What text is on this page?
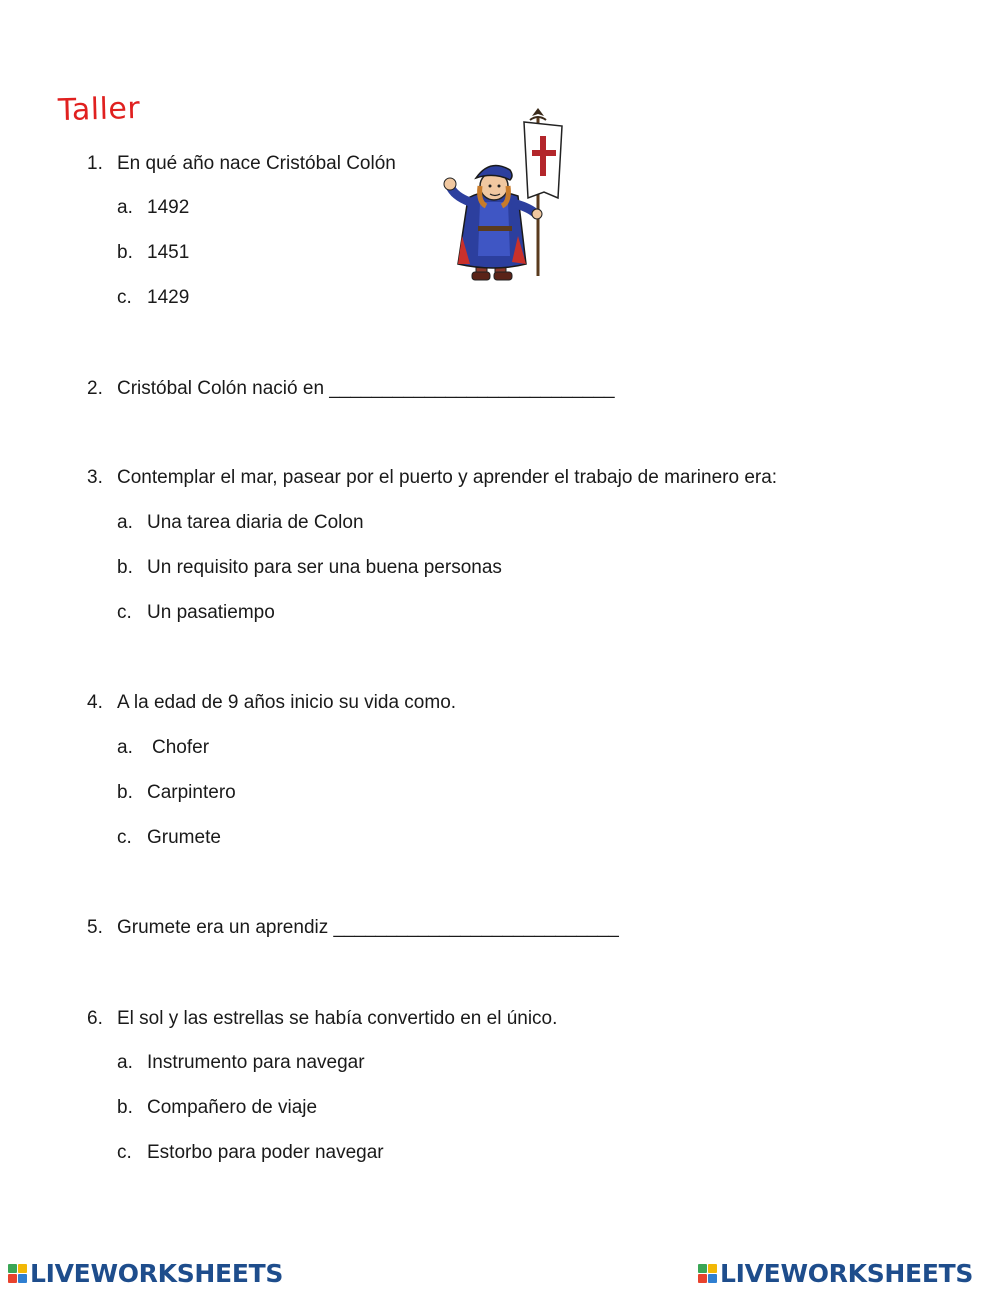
Taller
1. En qué año nace Cristóbal Colón
a. 1492
b. 1451
c. 1429
2. Cristóbal Colón nació en ___________________________
3. Contemplar el mar, pasear por el puerto y aprender el trabajo de marinero era:
a. Una tarea diaria de Colon
b. Un requisito para ser una buena personas
c. Un pasatiempo
4. A la edad de 9 años inicio su vida como.
a. Chofer
b. Carpintero
c. Grumete
5. Grumete era un aprendiz ___________________________
6. El sol y las estrellas se había convertido en el único.
a. Instrumento para navegar
b. Compañero de viaje
c. Estorbo para poder navegar
LIVEWORKSHEETS	LIVEWORKSHEETS
